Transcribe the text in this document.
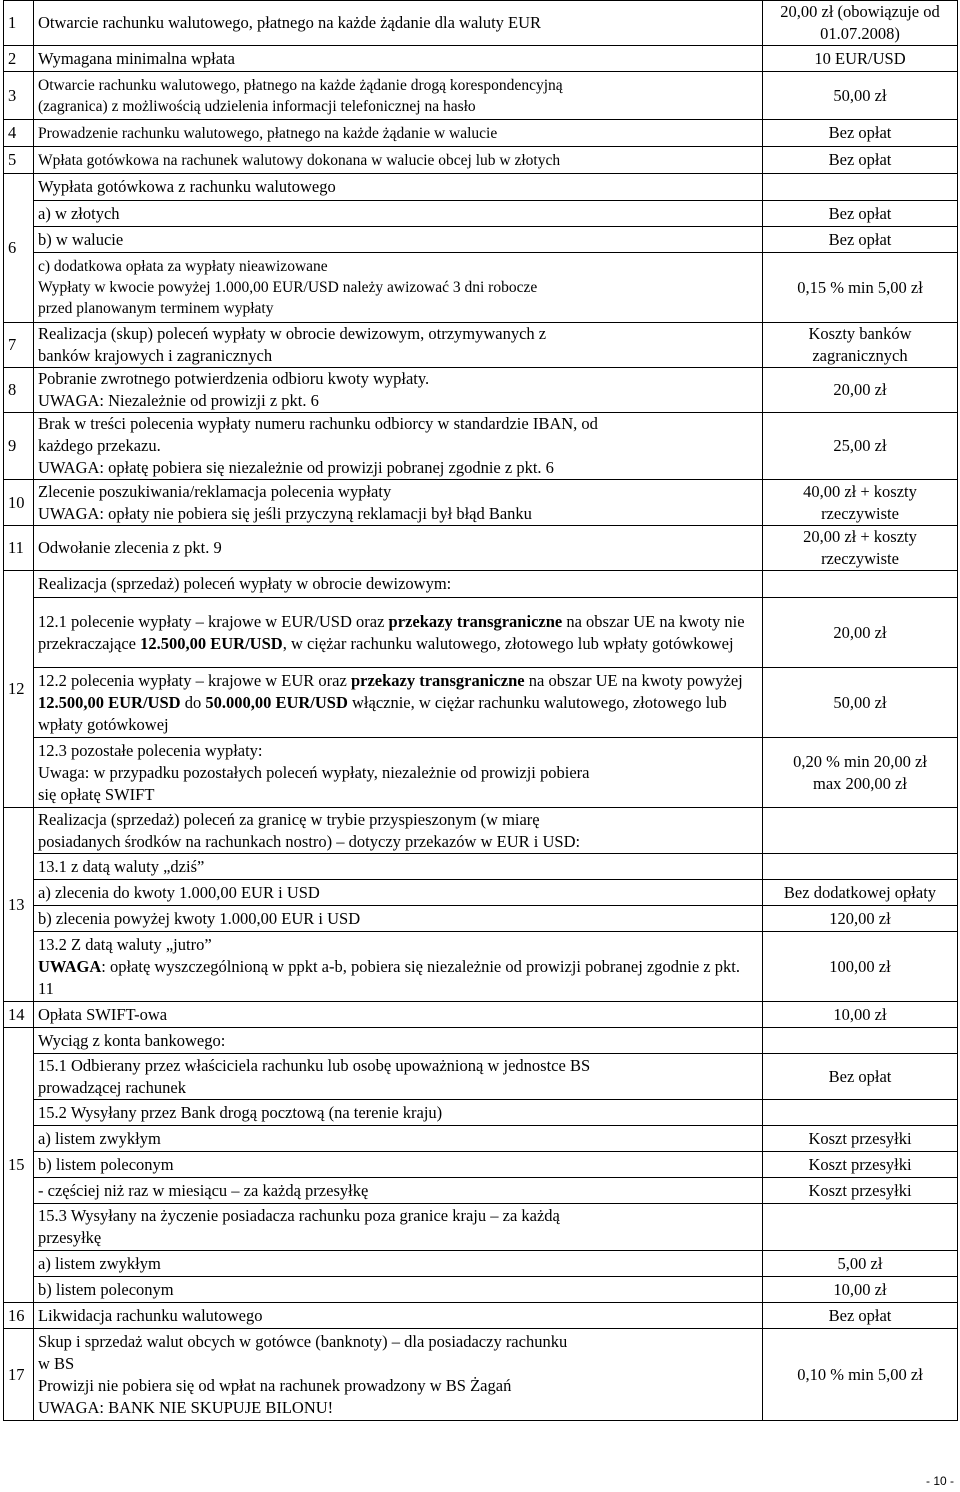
1	Otwarcie rachunku walutowego, płatnego na każde żądanie dla waluty EUR	20,00 zł (obowiązuje od
01.07.2008)

2	Wymagana minimalna wpłata	10 EUR/USD

3	Otwarcie rachunku walutowego, płatnego na każde żądanie drogą korespondencyjną
(zagranica) z możliwością udzielenia informacji telefonicznej na hasło	50,00 zł

4	Prowadzenie rachunku walutowego, płatnego na każde żądanie w walucie	Bez opłat

5	Wpłata gotówkowa na rachunek walutowy dokonana w walucie obcej lub w złotych	Bez opłat

6	Wypłata gotówkowa z rachunku walutowego	
	a) w złotych	Bez opłat
	b) w walucie	Bez opłat

	c) dodatkowa opłata za wypłaty nieawizowane
Wypłaty w kwocie powyżej 1.000,00 EUR/USD należy awizować 3 dni robocze
przed planowanym terminem wypłaty	0,15 % min 5,00 zł
7	Realizacja (skup) poleceń wypłaty w obrocie dewizowym, otrzymywanych z
banków krajowych i zagranicznych	Koszty banków
zagranicznych

8	Pobranie zwrotnego potwierdzenia odbioru kwoty wypłaty.
UWAGA: Niezależnie od prowizji z pkt. 6	20,00 zł

9	Brak w treści polecenia wypłaty numeru rachunku odbiorcy w standardzie IBAN, od
każdego przekazu.
UWAGA: opłatę pobiera się niezależnie od prowizji pobranej zgodnie z pkt. 6	25,00 zł

10	Zlecenie poszukiwania/reklamacja polecenia wypłaty
UWAGA: opłaty nie pobiera się jeśli przyczyną reklamacji był błąd Banku	40,00 zł + koszty
rzeczywiste

11	Odwołanie zlecenia z pkt. 9	20,00 zł + koszty
rzeczywiste

12	Realizacja (sprzedaż) poleceń wypłaty w obrocie dewizowym:	

	12.1 polecenie wypłaty – krajowe w EUR/USD oraz przekazy transgraniczne na obszar UE na kwoty nie przekraczające 12.500,00 EUR/USD, w ciężar rachunku walutowego, złotowego lub wpłaty gotówkowej	20,00 zł

	12.2 polecenia wypłaty – krajowe w EUR oraz przekazy transgraniczne na obszar UE na kwoty powyżej 12.500,00 EUR/USD do 50.000,00 EUR/USD włącznie, w ciężar rachunku walutowego, złotowego lub wpłaty gotówkowej	50,00 zł

	12.3 pozostałe polecenia wypłaty:
Uwaga: w przypadku pozostałych poleceń wypłaty, niezależnie od prowizji pobiera
się opłatę SWIFT	0,20 % min 20,00 zł
max 200,00 zł

13	Realizacja (sprzedaż) poleceń za granicę w trybie przyspieszonym (w miarę
posiadanych środków na rachunkach nostro) – dotyczy przekazów w EUR i USD:	

	13.1 z datą waluty „dziś”	
	a) zlecenia do kwoty 1.000,00 EUR i USD	Bez dodatkowej opłaty
	b) zlecenia powyżej kwoty 1.000,00 EUR i USD	120,00 zł

	13.2 Z datą waluty „jutro”
UWAGA: opłatę wyszczególnioną w ppkt a-b, pobiera się niezależnie od prowizji pobranej zgodnie z pkt. 11	100,00 zł
14	Opłata SWIFT-owa	10,00 zł
15	Wyciąg z konta bankowego:	

	15.1 Odbierany przez właściciela rachunku lub osobę upoważnioną w jednostce BS
prowadzącej rachunek	Bez opłat
	15.2 Wysyłany przez Bank drogą pocztową (na terenie kraju)	
	a) listem zwykłym	Koszt przesyłki
	b) listem poleconym	Koszt przesyłki
	- częściej niż raz w miesiącu – za każdą przesyłkę	Koszt przesyłki

	15.3 Wysyłany na życzenie posiadacza rachunku poza granice kraju – za każdą
przesyłkę	

	a) listem zwykłym	5,00 zł
	b) listem poleconym	10,00 zł
16	Likwidacja rachunku walutowego	Bez opłat
17	Skup i sprzedaż walut obcych w gotówce (banknoty) – dla posiadaczy rachunku
w BS
Prowizji nie pobiera się od wpłat na rachunek prowadzony w BS Żagań
UWAGA: BANK NIE SKUPUJE BILONU!	0,10 % min 5,00 zł
- 10 -
